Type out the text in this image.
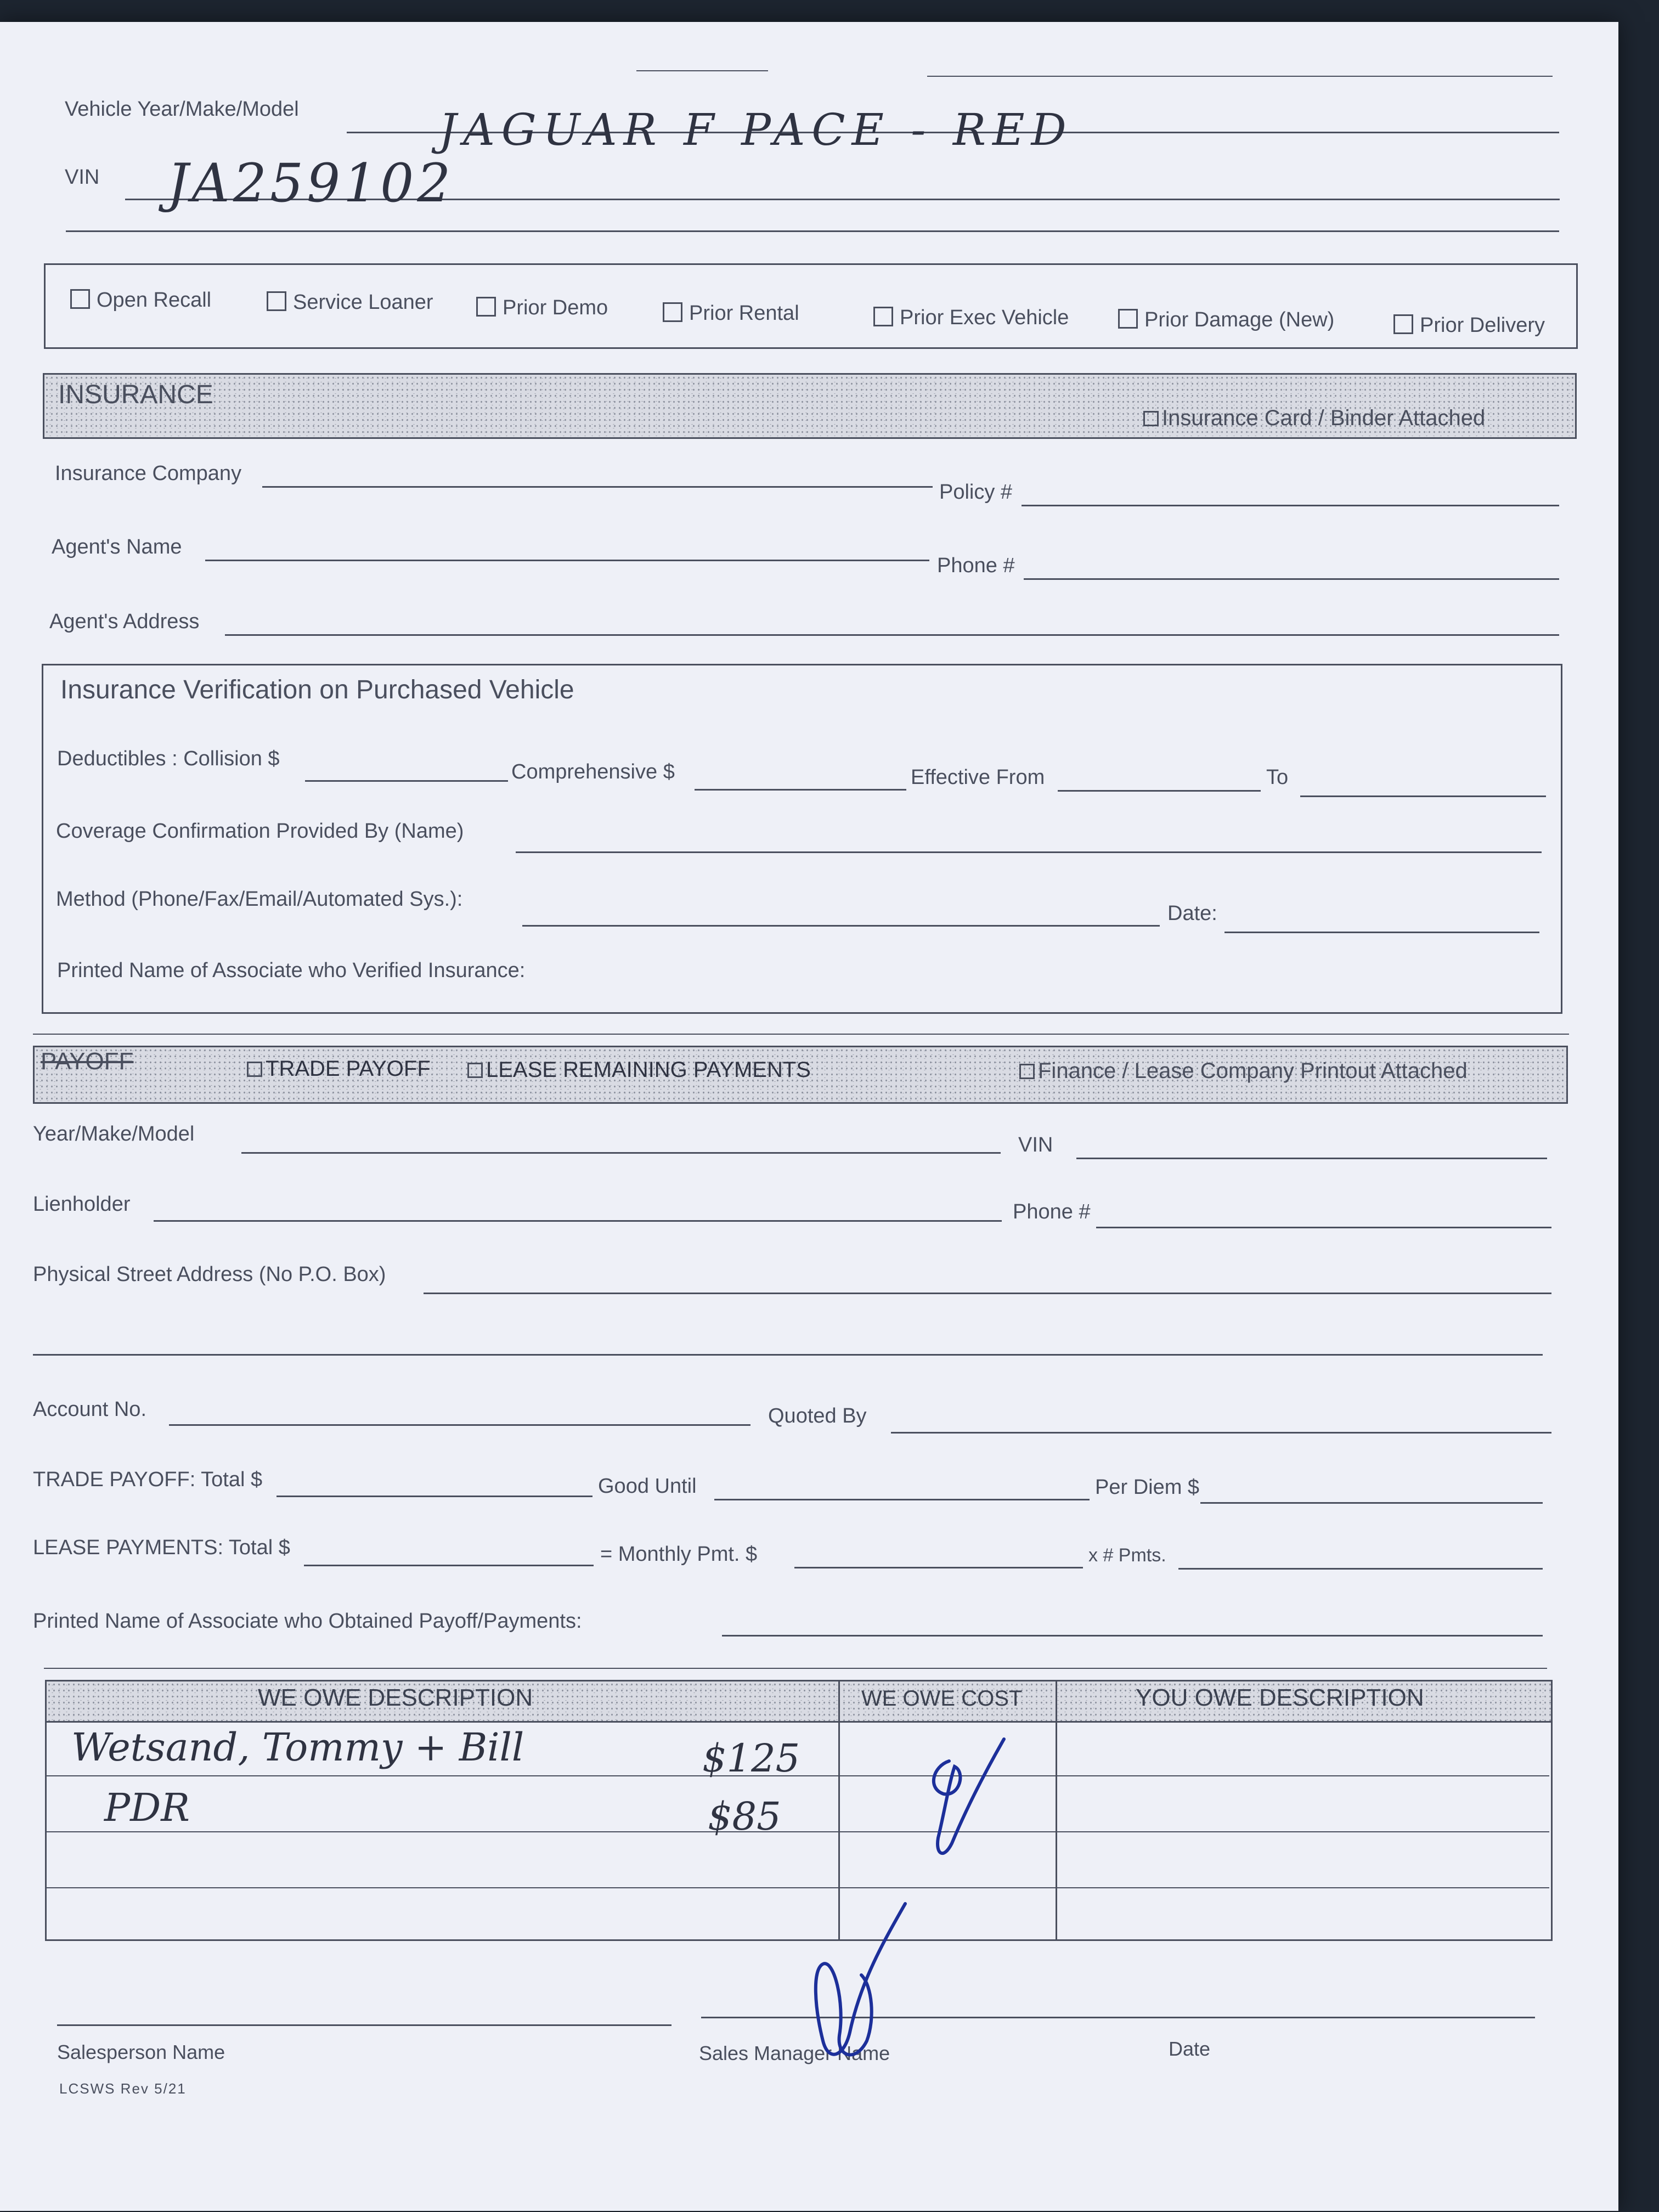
Vehicle Year/Make/Model	JAGUAR F PACE - RED
VIN JA259102
Open Recall	Service Loaner	Prior Demo	Prior Rental	Prior Exec Vehicle	Prior Damage (New)	Prior Delivery
INSURANCE
Insurance Card / Binder Attached
Insurance Company
Policy #
Agent's Name
Phone #
Agent's Address
Insurance Verification on Purchased Vehicle
Deductibles : Collision $
Comprehensive $	Effective From	To
Coverage Confirmation Provided By (Name)
Method (Phone/Fax/Email/Automated Sys.):
Date:
Printed Name of Associate who Verified Insurance:
PAYOFF	TRADE PAYOFF	LEASE REMAINING PAYMENTS	Finance / Lease Company Printout Attached
Year/Make/Model	VIN
Lienholder	Phone #
Physical Street Address (No P.O. Box)
Account No.	Quoted By
TRADE PAYOFF: Total $	Good Until	Per Diem $
LEASE PAYMENTS: Total $	= Monthly Pmt. $	x # Pmts.
Printed Name of Associate who Obtained Payoff/Payments:
WE OWE DESCRIPTION	WE OWE COST	YOU OWE DESCRIPTION
Wetsand, Tommy + Bill	$125
PDR	$85
Salesperson Name	Sales Manager Name	Date
LCSWS Rev 5/21
